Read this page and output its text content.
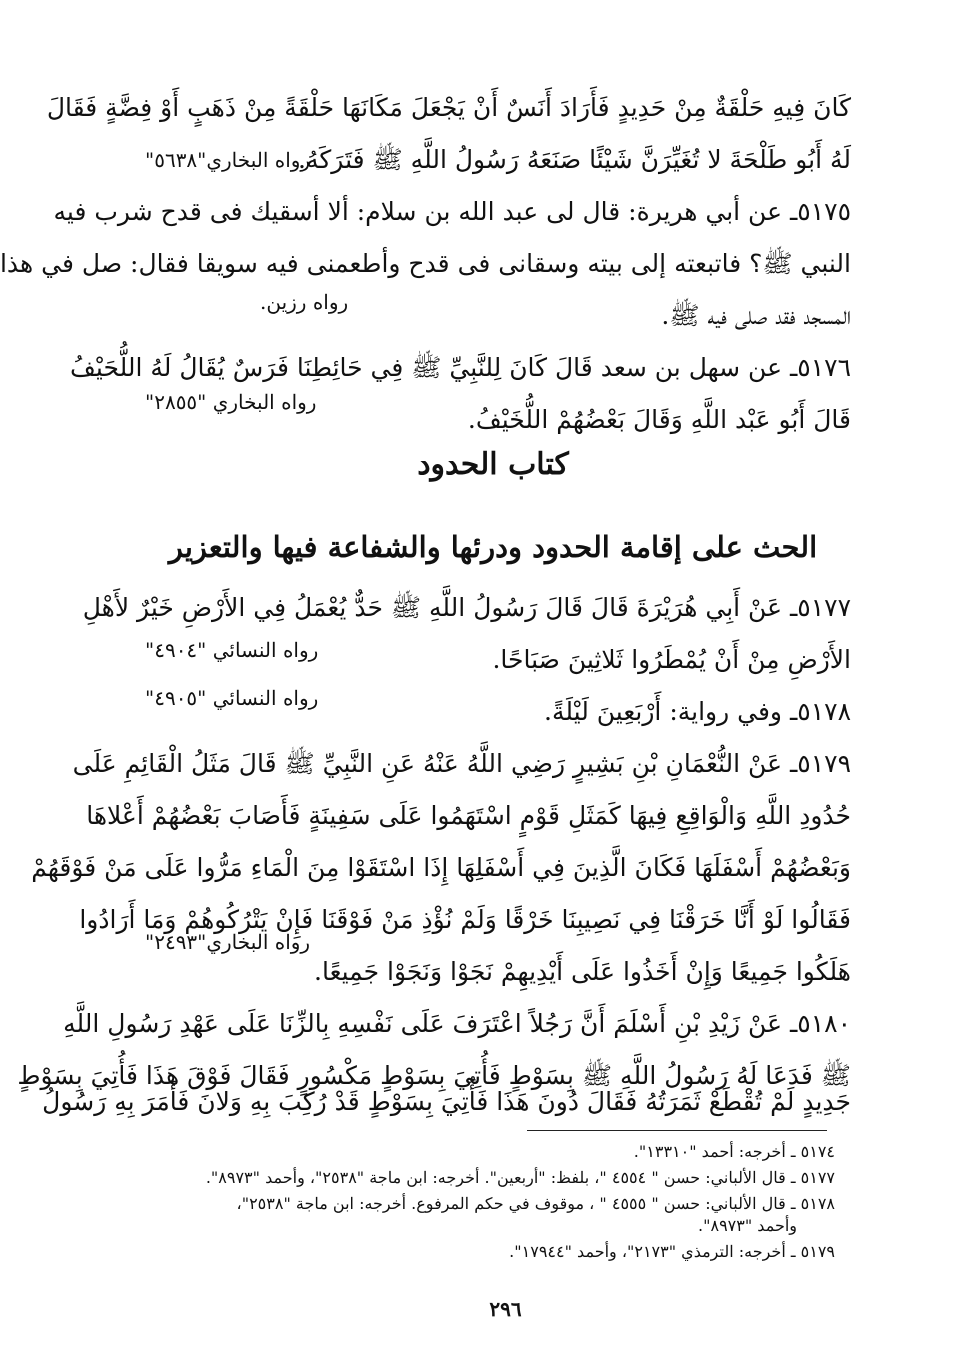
كَانَ فِيهِ حَلْقَةٌ مِنْ حَدِيدٍ فَأَرَادَ أَنَسٌ أَنْ يَجْعَلَ مَكَانَهَا حَلْقَةً مِنْ ذَهَبٍ أَوْ فِضَّةٍ فَقَالَ
لَهُ أَبُو طَلْحَةَ لا تُغَيِّرَنَّ شَيْئًا صَنَعَهُ رَسُولُ اللَّهِ ﷺ فَتَرَكَهُ.
رواه البخاري"٥٦٣٨"
٥١٧٥ـ عن أبي هريرة: قال لى عبد الله بن سلام: ألا أسقيك فى قدح شرب فيه
النبي ﷺ؟ فاتبعته إلى بيته وسقانى فى قدح وأطعمنى فيه سويقا فقال: صل في هذا
المسجد فقد صلى فيه ﷺ.
رواه رزين.
٥١٧٦ـ عن سهل بن سعد قَالَ كَانَ لِلنَّبِيِّ ﷺ فِي حَائِطِنَا فَرَسٌ يُقَالُ لَهُ اللُّحَيْفُ
قَالَ أَبُو عَبْد اللَّهِ وَقَالَ بَعْضُهُمْ اللُّخَيْفُ.
رواه البخاري "٢٨٥٥"
كتاب الحدود
الحث على إقامة الحدود ودرئها والشفاعة فيها والتعزير
٥١٧٧ـ عَنْ أَبِي هُرَيْرَةَ قَالَ قَالَ رَسُولُ اللَّهِ ﷺ حَدٌّ يُعْمَلُ فِي الأَرْضِ خَيْرٌ لأَهْلِ
الأَرْضِ مِنْ أَنْ يُمْطَرُوا ثَلاثِينَ صَبَاحًا.
رواه النسائي "٤٩٠٤"
٥١٧٨ـ وفي رواية: أَرْبَعِينَ لَيْلَةً.
رواه النسائي "٤٩٠٥"
٥١٧٩ـ عَنْ النُّعْمَانِ بْنِ بَشِيرٍ رَضِي اللَّهُ عَنْهُ عَنِ النَّبِيِّ ﷺ قَالَ مَثَلُ الْقَائِمِ عَلَى
حُدُودِ اللَّهِ وَالْوَاقِعِ فِيهَا كَمَثَلِ قَوْمٍ اسْتَهَمُوا عَلَى سَفِينَةٍ فَأَصَابَ بَعْضُهُمْ أَعْلاهَا
وَبَعْضُهُمْ أَسْفَلَهَا فَكَانَ الَّذِينَ فِي أَسْفَلِهَا إِذَا اسْتَقَوْا مِنَ الْمَاءِ مَرُّوا عَلَى مَنْ فَوْقَهُمْ
فَقَالُوا لَوْ أَنَّا خَرَقْنَا فِي نَصِيبِنَا خَرْقًا وَلَمْ نُؤْذِ مَنْ فَوْقَنَا فَإِنْ يَتْرُكُوهُمْ وَمَا أَرَادُوا
هَلَكُوا جَمِيعًا وَإِنْ أَخَذُوا عَلَى أَيْدِيهِمْ نَجَوْا وَنَجَوْا جَمِيعًا.
رواه البخاري"٢٤٩٣"
٥١٨٠ـ عَنْ زَيْدِ بْنِ أَسْلَمَ أَنَّ رَجُلاً اعْتَرَفَ عَلَى نَفْسِهِ بِالزِّنَا عَلَى عَهْدِ رَسُولِ اللَّهِ
ﷺ فَدَعَا لَهُ رَسُولُ اللَّهِ ﷺ بِسَوْطٍ فَأُتِيَ بِسَوْطٍ مَكْسُورٍ فَقَالَ فَوْقَ هَذَا فَأُتِيَ بِسَوْطٍ
جَدِيدٍ لَمْ تُقْطَعْ ثَمَرَتُهُ فَقَالَ دُونَ هَذَا فَأُتِيَ بِسَوْطٍ قَدْ رُكِبَ بِهِ وَلانَ فَأَمَرَ بِهِ رَسُولُ
٥١٧٤ ـ أخرجه: أحمد "١٣٣١٠".
٥١٧٧ ـ قال الألباني: حسن " ٤٥٥٤ "، بلفظ: "أربعين". أخرجه: ابن ماجة "٢٥٣٨"، وأحمد "٨٩٧٣".
٥١٧٨ ـ قال الألباني: حسن " ٤٥٥٥ " ، موقوف في حكم المرفوع. أخرجه: ابن ماجة "٢٥٣٨"،
وأحمد "٨٩٧٣".
٥١٧٩ ـ أخرجه: الترمذي "٢١٧٣"، وأحمد "١٧٩٤٤".
٢٩٦
